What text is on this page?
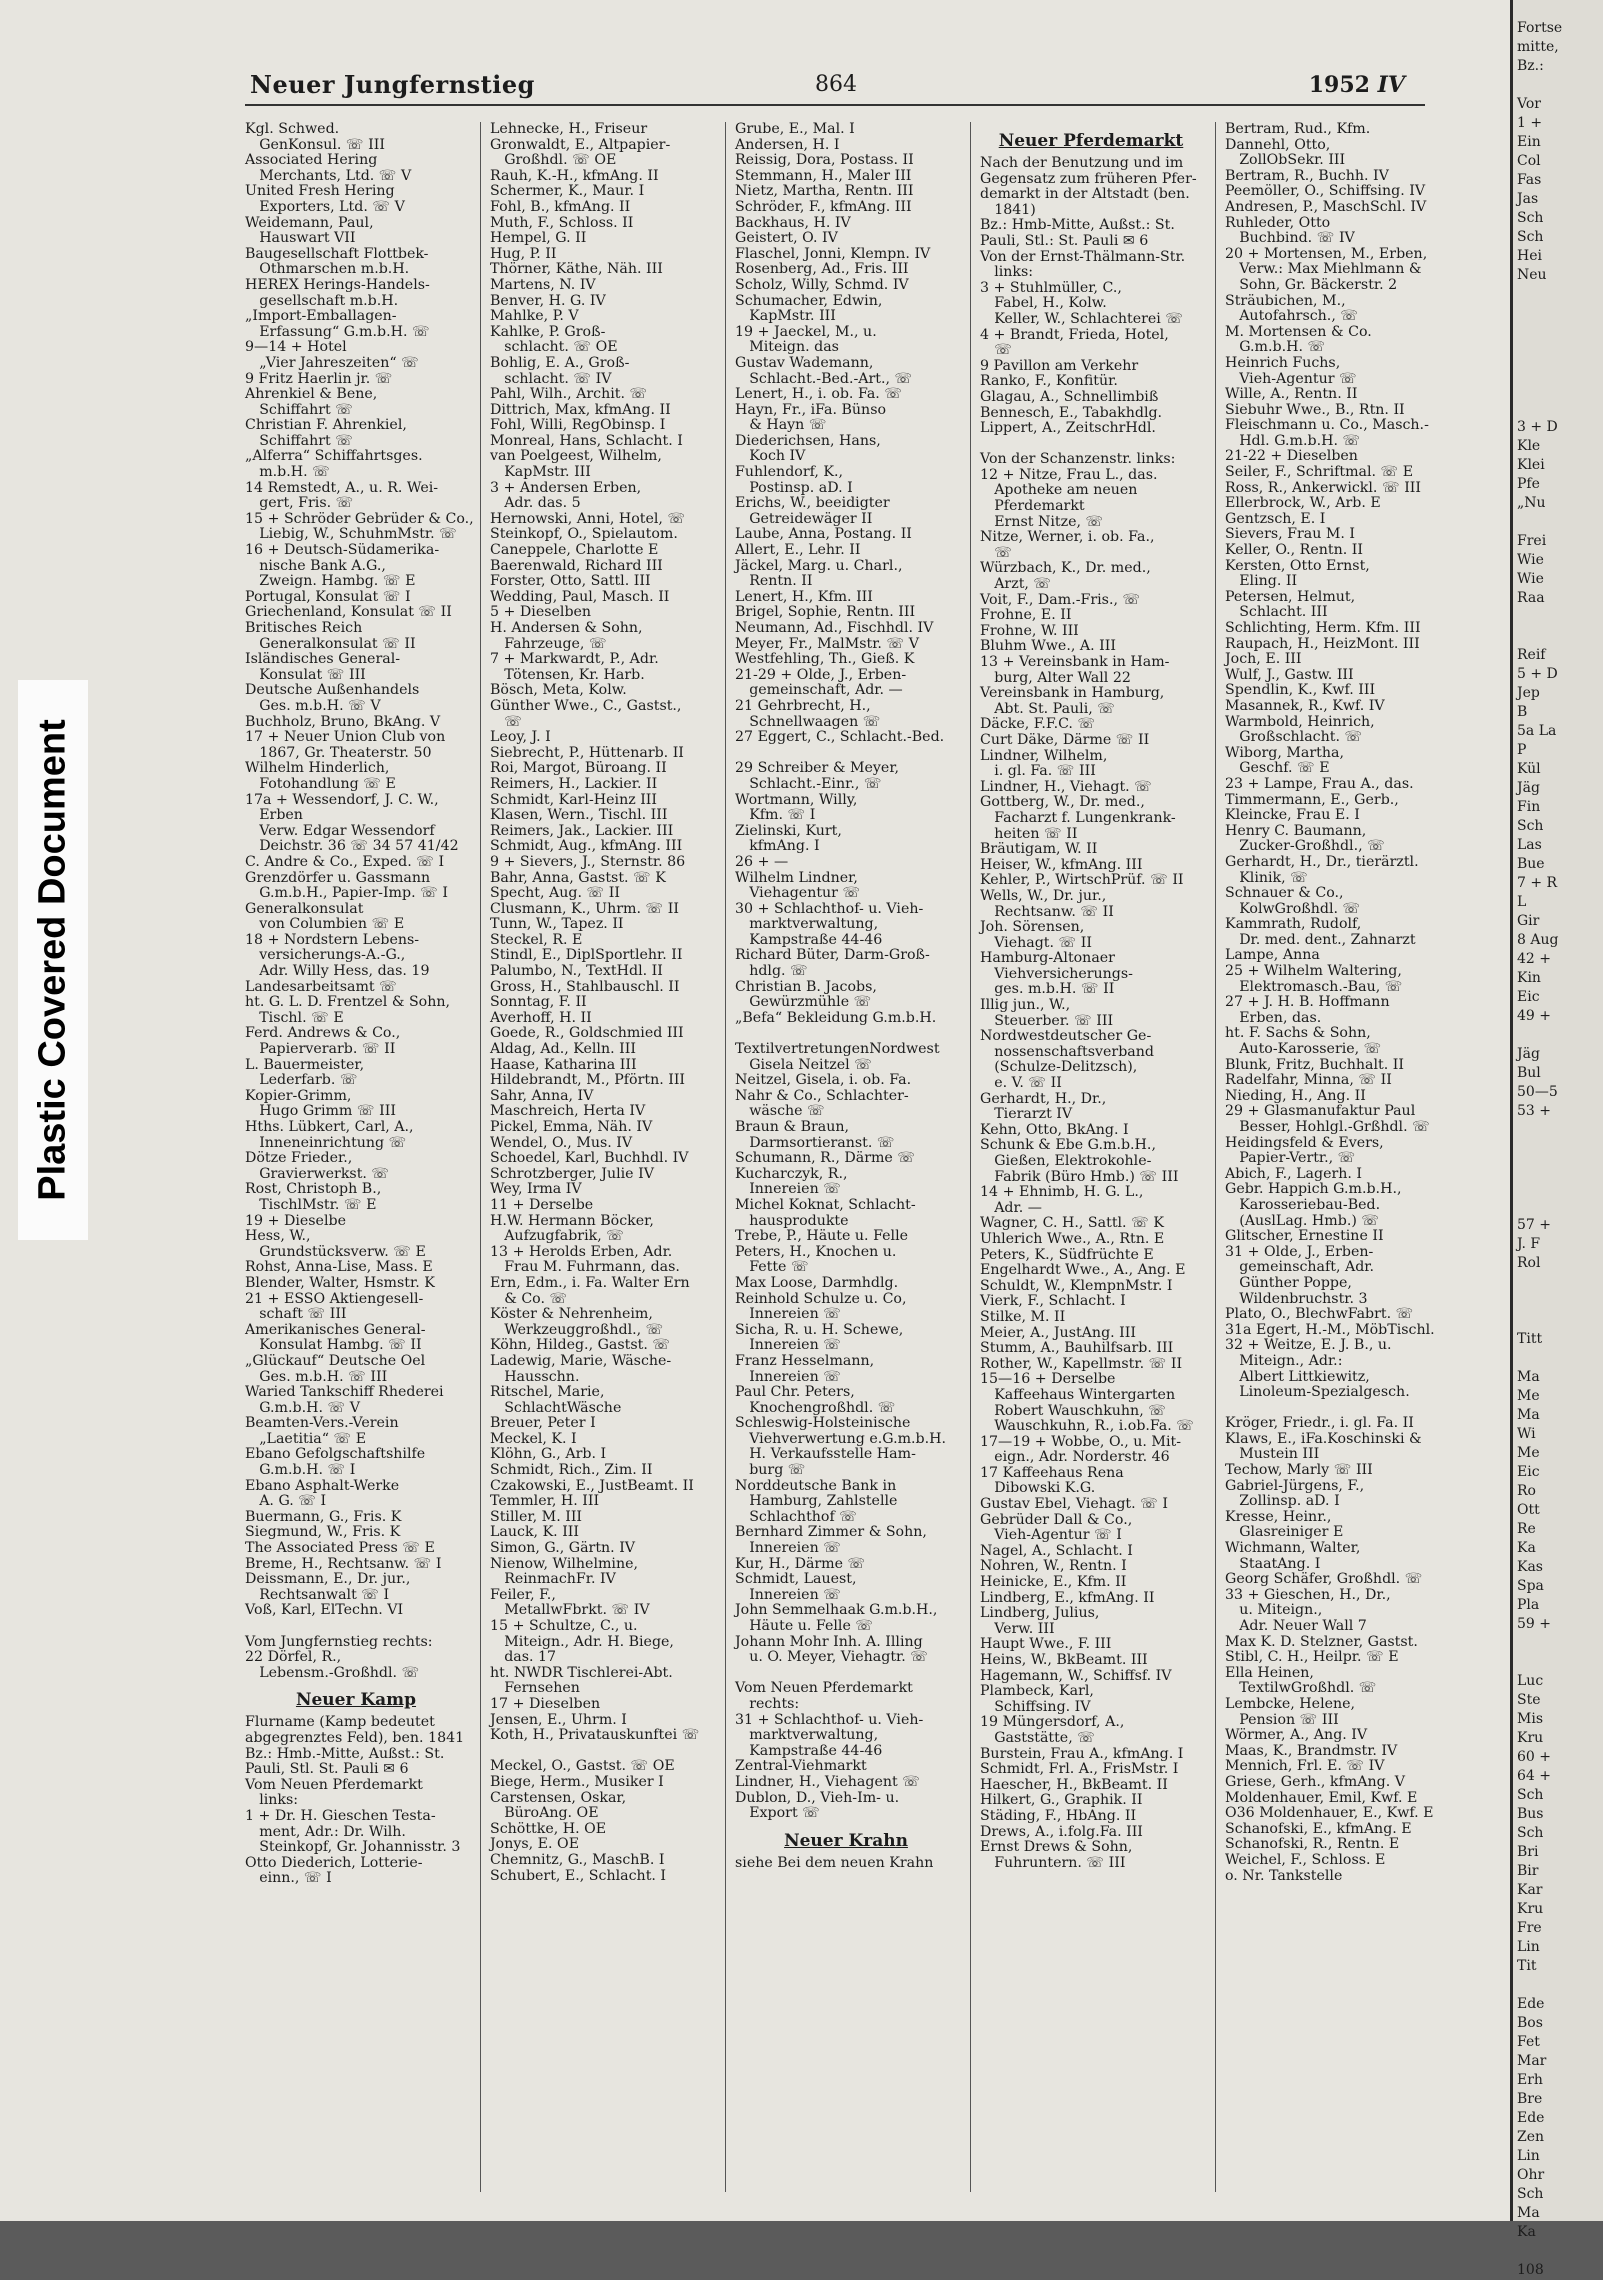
Plastic Covered Document
Neuer Jungfernstieg	864	1952 IV
Kgl. Schwed.
 GenKonsul. ☏ III
Associated Hering
 Merchants, Ltd. ☏ V
United Fresh Hering
 Exporters, Ltd. ☏ V
Weidemann, Paul,
 Hauswart VII
Baugesellschaft Flottbek-
 Othmarschen m.b.H.
HEREX Herings-Handels-
 gesellschaft m.b.H.
„Import-Emballagen-
 Erfassung“ G.m.b.H. ☏
9—14 + Hotel
 „Vier Jahreszeiten“ ☏
9 Fritz Haerlin jr. ☏
Ahrenkiel & Bene,
 Schiffahrt ☏
Christian F. Ahrenkiel,
 Schiffahrt ☏
„Alferra“ Schiffahrtsges.
 m.b.H. ☏
14 Remstedt, A., u. R. Wei-
 gert, Fris. ☏
15 + Schröder Gebrüder & Co.,
 Liebig, W., SchuhmMstr. ☏
16 + Deutsch-Südamerika-
 nische Bank A.G.,
 Zweign. Hambg. ☏ E
Portugal, Konsulat ☏ I
Griechenland, Konsulat ☏ II
Britisches Reich
 Generalkonsulat ☏ II
Isländisches General-
 Konsulat ☏ III
Deutsche Außenhandels
 Ges. m.b.H. ☏ V
Buchholz, Bruno, BkAng. V
17 + Neuer Union Club von
 1867, Gr. Theaterstr. 50
Wilhelm Hinderlich,
 Fotohandlung ☏ E
17a + Wessendorf, J. C. W.,
 Erben
 Verw. Edgar Wessendorf
 Deichstr. 36 ☏ 34 57 41/42
C. Andre & Co., Exped. ☏ I
Grenzdörfer u. Gassmann
 G.m.b.H., Papier-Imp. ☏ I
Generalkonsulat
 von Columbien ☏ E
18 + Nordstern Lebens-
 versicherungs-A.-G.,
 Adr. Willy Hess, das. 19
Landesarbeitsamt ☏
ht. G. L. D. Frentzel & Sohn,
 Tischl. ☏ E
Ferd. Andrews & Co.,
 Papierverarb. ☏ II
L. Bauermeister,
 Lederfarb. ☏
Kopier-Grimm,
 Hugo Grimm ☏ III
Hths. Lübkert, Carl, A.,
 Inneneinrichtung ☏
Dötze Frieder.,
 Gravierwerkst. ☏
Rost, Christoph B.,
 TischlMstr. ☏ E
19 + Dieselbe
Hess, W.,
 Grundstücksverw. ☏ E
Rohst, Anna-Lise, Mass. E
Blender, Walter, Hsmstr. K
21 + ESSO Aktiengesell-
 schaft ☏ III
Amerikanisches General-
 Konsulat Hambg. ☏ II
„Glückauf“ Deutsche Oel
 Ges. m.b.H. ☏ III
Waried Tankschiff Rhederei
 G.m.b.H. ☏ V
Beamten-Vers.-Verein
 „Laetitia“ ☏ E
Ebano Gefolgschaftshilfe
 G.m.b.H. ☏ I
Ebano Asphalt-Werke
 A. G. ☏ I
Buermann, G., Fris. K
Siegmund, W., Fris. K
The Associated Press ☏ E
Breme, H., Rechtsanw. ☏ I
Deissmann, E., Dr. jur.,
 Rechtsanwalt ☏ I
Voß, Karl, ElTechn. VI
Vom Jungfernstieg rechts:
22 Dörfel, R.,
 Lebensm.-Großhdl. ☏
Neuer Kamp
Flurname (Kamp bedeutet
abgegrenztes Feld), ben. 1841
Bz.: Hmb.-Mitte, Außst.: St.
Pauli, Stl. St. Pauli ✉ 6
Vom Neuen Pferdemarkt
 links:
1 + Dr. H. Gieschen Testa-
 ment, Adr.: Dr. Wilh.
 Steinkopf, Gr. Johannisstr. 3
Otto Diederich, Lotterie-
 einn., ☏ I
Lehnecke, H., Friseur
Gronwaldt, E., Altpapier-
 Großhdl. ☏ OE
Rauh, K.-H., kfmAng. II
Schermer, K., Maur. I
Fohl, B., kfmAng. II
Muth, F., Schloss. II
Hempel, G. II
Hug, P. II
Thörner, Käthe, Näh. III
Martens, N. IV
Benver, H. G. IV
Mahlke, P. V
Kahlke, P. Groß-
 schlacht. ☏ OE
Bohlig, E. A., Groß-
 schlacht. ☏ IV
Pahl, Wilh., Archit. ☏
Dittrich, Max, kfmAng. II
Fohl, Willi, RegObinsp. I
Monreal, Hans, Schlacht. I
van Poelgeest, Wilhelm,
 KapMstr. III
3 + Andersen Erben,
 Adr. das. 5
Hernowski, Anni, Hotel, ☏
Steinkopf, O., Spielautom.
Caneppele, Charlotte E
Baerenwald, Richard III
Forster, Otto, Sattl. III
Wedding, Paul, Masch. II
5 + Dieselben
H. Andersen & Sohn,
 Fahrzeuge, ☏
7 + Markwardt, P., Adr.
 Tötensen, Kr. Harb.
Bösch, Meta, Kolw.
Günther Wwe., C., Gastst.,
 ☏
Leoy, J. I
Siebrecht, P., Hüttenarb. II
Roi, Margot, Büroang. II
Reimers, H., Lackier. II
Schmidt, Karl-Heinz III
Klasen, Wern., Tischl. III
Reimers, Jak., Lackier. III
Schmidt, Aug., kfmAng. III
9 + Sievers, J., Sternstr. 86
Bahr, Anna, Gastst. ☏ K
Specht, Aug. ☏ II
Clusmann, K., Uhrm. ☏ II
Tunn, W., Tapez. II
Steckel, R. E
Stindl, E., DiplSportlehr. II
Palumbo, N., TextHdl. II
Gross, H., Stahlbauschl. II
Sonntag, F. II
Averhoff, H. II
Goede, R., Goldschmied III
Aldag, Ad., Kelln. III
Haase, Katharina III
Hildebrandt, M., Pförtn. III
Sahr, Anna, IV
Maschreich, Herta IV
Pickel, Emma, Näh. IV
Wendel, O., Mus. IV
Schoedel, Karl, Buchhdl. IV
Schrotzberger, Julie IV
Wey, Irma IV
11 + Derselbe
H.W. Hermann Böcker,
 Aufzugfabrik, ☏
13 + Herolds Erben, Adr.
 Frau M. Fuhrmann, das.
Ern, Edm., i. Fa. Walter Ern
 & Co. ☏
Köster & Nehrenheim,
 Werkzeuggroßhdl., ☏
Köhn, Hildeg., Gastst. ☏
Ladewig, Marie, Wäsche-
 Hausschn.
Ritschel, Marie,
 SchlachtWäsche
Breuer, Peter I
Meckel, K. I
Klöhn, G., Arb. I
Schmidt, Rich., Zim. II
Czakowski, E., JustBeamt. II
Temmler, H. III
Stiller, M. III
Lauck, K. III
Simon, G., Gärtn. IV
Nienow, Wilhelmine,
 ReinmachFr. IV
Feiler, F.,
 MetallwFbrkt. ☏ IV
15 + Schultze, C., u.
 Miteign., Adr. H. Biege,
 das. 17
ht. NWDR Tischlerei-Abt.
 Fernsehen
17 + Dieselben
Jensen, E., Uhrm. I
Koth, H., Privatauskunftei ☏
Meckel, O., Gastst. ☏ OE
Biege, Herm., Musiker I
Carstensen, Oskar,
 BüroAng. OE
Schöttke, H. OE
Jonys, E. OE
Chemnitz, G., MaschB. I
Schubert, E., Schlacht. I
Grube, E., Mal. I
Andersen, H. I
Reissig, Dora, Postass. II
Stemmann, H., Maler III
Nietz, Martha, Rentn. III
Schröder, F., kfmAng. III
Backhaus, H. IV
Geistert, O. IV
Flaschel, Jonni, Klempn. IV
Rosenberg, Ad., Fris. III
Scholz, Willy, Schmd. IV
Schumacher, Edwin,
 KapMstr. III
19 + Jaeckel, M., u.
 Miteign. das
Gustav Wademann,
 Schlacht.-Bed.-Art., ☏
Lenert, H., i. ob. Fa. ☏
Hayn, Fr., iFa. Bünso
 & Hayn ☏
Diederichsen, Hans,
 Koch IV
Fuhlendorf, K.,
 Postinsp. aD. I
Erichs, W., beeidigter
 Getreidewäger II
Laube, Anna, Postang. II
Allert, E., Lehr. II
Jäckel, Marg. u. Charl.,
 Rentn. II
Lenert, H., Kfm. III
Brigel, Sophie, Rentn. III
Neumann, Ad., Fischhdl. IV
Meyer, Fr., MalMstr. ☏ V
Westfehling, Th., Gieß. K
21-29 + Olde, J., Erben-
 gemeinschaft, Adr. —
21 Gehrbrecht, H.,
 Schnellwaagen ☏
27 Eggert, C., Schlacht.-Bed.
29 Schreiber & Meyer,
 Schlacht.-Einr., ☏
Wortmann, Willy,
 Kfm. ☏ I
Zielinski, Kurt,
 kfmAng. I
26 + —
Wilhelm Lindner,
 Viehagentur ☏
30 + Schlachthof- u. Vieh-
 marktverwaltung,
 Kampstraße 44-46
Richard Büter, Darm-Groß-
 hdlg. ☏
Christian B. Jacobs,
 Gewürzmühle ☏
„Befa“ Bekleidung G.m.b.H.
TextilvertretungenNordwest
 Gisela Neitzel ☏
Neitzel, Gisela, i. ob. Fa.
Nahr & Co., Schlachter-
 wäsche ☏
Braun & Braun,
 Darmsortieranst. ☏
Schumann, R., Därme ☏
Kucharczyk, R.,
 Innereien ☏
Michel Koknat, Schlacht-
 hausprodukte
Trebe, P., Häute u. Felle
Peters, H., Knochen u.
 Fette ☏
Max Loose, Darmhdlg.
Reinhold Schulze u. Co,
 Innereien ☏
Sicha, R. u. H. Schewe,
 Innereien ☏
Franz Hesselmann,
 Innereien ☏
Paul Chr. Peters,
 Knochengroßhdl. ☏
Schleswig-Holsteinische
 Viehverwertung e.G.m.b.H.
 H. Verkaufsstelle Ham-
 burg ☏
Norddeutsche Bank in
 Hamburg, Zahlstelle
 Schlachthof ☏
Bernhard Zimmer & Sohn,
 Innereien ☏
Kur, H., Därme ☏
Schmidt, Lauest,
 Innereien ☏
John Semmelhaak G.m.b.H.,
 Häute u. Felle ☏
Johann Mohr Inh. A. Illing
 u. O. Meyer, Viehagtr. ☏
Vom Neuen Pferdemarkt
 rechts:
31 + Schlachthof- u. Vieh-
 marktverwaltung,
 Kampstraße 44-46
Zentral-Viehmarkt
Lindner, H., Viehagent ☏
Dublon, D., Vieh-Im- u.
 Export ☏
Neuer Krahn
siehe Bei dem neuen Krahn
Neuer Pferdemarkt
Nach der Benutzung und im
Gegensatz zum früheren Pfer-
demarkt in der Altstadt (ben.
 1841)
Bz.: Hmb-Mitte, Außst.: St.
Pauli, Stl.: St. Pauli ✉ 6
Von der Ernst-Thälmann-Str.
 links:
3 + Stuhlmüller, C.,
 Fabel, H., Kolw.
 Keller, W., Schlachterei ☏
4 + Brandt, Frieda, Hotel,
 ☏
9 Pavillon am Verkehr
Ranko, F., Konfitür.
Glagau, A., Schnellimbiß
Bennesch, E., Tabakhdlg.
Lippert, A., ZeitschrHdl.
Von der Schanzenstr. links:
12 + Nitze, Frau L., das.
 Apotheke am neuen
 Pferdemarkt
 Ernst Nitze, ☏
Nitze, Werner, i. ob. Fa.,
 ☏
Würzbach, K., Dr. med.,
 Arzt, ☏
Voit, F., Dam.-Fris., ☏
Frohne, E. II
Frohne, W. III
Bluhm Wwe., A. III
13 + Vereinsbank in Ham-
 burg, Alter Wall 22
Vereinsbank in Hamburg,
 Abt. St. Pauli, ☏
Däcke, F.F.C. ☏
Curt Däke, Därme ☏ II
Lindner, Wilhelm,
 i. gl. Fa. ☏ III
Lindner, H., Viehagt. ☏
Gottberg, W., Dr. med.,
 Facharzt f. Lungenkrank-
 heiten ☏ II
Bräutigam, W. II
Heiser, W., kfmAng. III
Kehler, P., WirtschPrüf. ☏ II
Wells, W., Dr. jur.,
 Rechtsanw. ☏ II
Joh. Sörensen,
 Viehagt. ☏ II
Hamburg-Altonaer
 Viehversicherungs-
 ges. m.b.H. ☏ II
Illig jun., W.,
 Steuerber. ☏ III
Nordwestdeutscher Ge-
 nossenschaftsverband
 (Schulze-Delitzsch),
 e. V. ☏ II
Gerhardt, H., Dr.,
 Tierarzt IV
Kehn, Otto, BkAng. I
Schunk & Ebe G.m.b.H.,
 Gießen, Elektrokohle-
 Fabrik (Büro Hmb.) ☏ III
14 + Ehnimb, H. G. L.,
 Adr. —
Wagner, C. H., Sattl. ☏ K
Uhlerich Wwe., A., Rtn. E
Peters, K., Südfrüchte E
Engelhardt Wwe., A., Ang. E
Schuldt, W., KlempnMstr. I
Vierk, F., Schlacht. I
Stilke, M. II
Meier, A., JustAng. III
Stumm, A., Bauhilfsarb. III
Rother, W., Kapellmstr. ☏ II
15—16 + Derselbe
 Kaffeehaus Wintergarten
 Robert Wauschkuhn, ☏
 Wauschkuhn, R., i.ob.Fa. ☏
17—19 + Wobbe, O., u. Mit-
 eign., Adr. Norderstr. 46
17 Kaffeehaus Rena
 Dibowski K.G.
Gustav Ebel, Viehagt. ☏ I
Gebrüder Dall & Co.,
 Vieh-Agentur ☏ I
Nagel, A., Schlacht. I
Nohren, W., Rentn. I
Heinicke, E., Kfm. II
Lindberg, E., kfmAng. II
Lindberg, Julius,
 Verw. III
Haupt Wwe., F. III
Heins, W., BkBeamt. III
Hagemann, W., Schiffsf. IV
Plambeck, Karl,
 Schiffsing. IV
19 Müngersdorf, A.,
 Gaststätte, ☏
Burstein, Frau A., kfmAng. I
Schmidt, Frl. A., FrisMstr. I
Haescher, H., BkBeamt. II
Hilkert, G., Graphik. II
Städing, F., HbAng. II
Drews, A., i.folg.Fa. III
Ernst Drews & Sohn,
 Fuhruntern. ☏ III
Bertram, Rud., Kfm.
Dannehl, Otto,
 ZollObSekr. III
Bertram, R., Buchh. IV
Peemöller, O., Schiffsing. IV
Andresen, P., MaschSchl. IV
Ruhleder, Otto
 Buchbind. ☏ IV
20 + Mortensen, M., Erben,
 Verw.: Max Miehlmann &
 Sohn, Gr. Bäckerstr. 2
Sträubichen, M.,
 Autofahrsch., ☏
M. Mortensen & Co.
 G.m.b.H. ☏
Heinrich Fuchs,
 Vieh-Agentur ☏
Wille, A., Rentn. II
Siebuhr Wwe., B., Rtn. II
Fleischmann u. Co., Masch.-
 Hdl. G.m.b.H. ☏
21-22 + Dieselben
Seiler, F., Schriftmal. ☏ E
Ross, R., Ankerwickl. ☏ III
Ellerbrock, W., Arb. E
Gentzsch, E. I
Sievers, Frau M. I
Keller, O., Rentn. II
Kersten, Otto Ernst,
 Eling. II
Petersen, Helmut,
 Schlacht. III
Schlichting, Herm. Kfm. III
Raupach, H., HeizMont. III
Joch, E. III
Wulf, J., Gastw. III
Spendlin, K., Kwf. III
Masannek, R., Kwf. IV
Warmbold, Heinrich,
 Großschlacht. ☏
Wiborg, Martha,
 Geschf. ☏ E
23 + Lampe, Frau A., das.
Timmermann, E., Gerb.,
Kleincke, Frau E. I
Henry C. Baumann,
 Zucker-Großhdl., ☏
Gerhardt, H., Dr., tierärztl.
 Klinik, ☏
Schnauer & Co.,
 KolwGroßhdl. ☏
Kammrath, Rudolf,
 Dr. med. dent., Zahnarzt
Lampe, Anna
25 + Wilhelm Waltering,
 Elektromasch.-Bau, ☏
27 + J. H. B. Hoffmann
 Erben, das.
ht. F. Sachs & Sohn,
 Auto-Karosserie, ☏
Blunk, Fritz, Buchhalt. II
Radelfahr, Minna, ☏ II
Nieding, H., Ang. II
29 + Glasmanufaktur Paul
 Besser, Hohlgl.-Grßhdl. ☏
Heidingsfeld & Evers,
 Papier-Vertr., ☏
Abich, F., Lagerh. I
Gebr. Happich G.m.b.H.,
 Karosseriebau-Bed.
 (AuslLag. Hmb.) ☏
Glitscher, Ernestine II
31 + Olde, J., Erben-
 gemeinschaft, Adr.
 Günther Poppe,
 Wildenbruchstr. 3
Plato, O., BlechwFabrt. ☏
31a Egert, H.-M., MöbTischl.
32 + Weitze, E. J. B., u.
 Miteign., Adr.:
 Albert Littkiewitz,
 Linoleum-Spezialgesch.
Kröger, Friedr., i. gl. Fa. II
Klaws, E., iFa.Koschinski &
 Mustein III
Techow, Marly ☏ III
Gabriel-Jürgens, F.,
 Zollinsp. aD. I
Kresse, Heinr.,
 Glasreiniger E
Wichmann, Walter,
 StaatAng. I
Georg Schäfer, Großhdl. ☏
33 + Gieschen, H., Dr.,
 u. Miteign.,
 Adr. Neuer Wall 7
Max K. D. Stelzner, Gastst.
Stibl, C. H., Heilpr. ☏ E
Ella Heinen,
 TextilwGroßhdl. ☏
Lembcke, Helene,
 Pension ☏ III
Wörmer, A., Ang. IV
Maas, K., Brandmstr. IV
Mennich, Frl. E. ☏ IV
Griese, Gerh., kfmAng. V
Moldenhauer, Emil, Kwf. E
O36 Moldenhauer, E., Kwf. E
Schanofski, E., kfmAng. E
Schanofski, R., Rentn. E
Weichel, F., Schloss. E
o. Nr. Tankstelle

Fortse
mitte,
Bz.:

Vor
1 +
Ein
Col
Fas
Jas
Sch
Sch
Hei
Neu

3 + D
Kle
Klei
Pfe
„Nu

Frei
Wie
Wie
Raa

Reif
5 + D
Jep
B
5a La
P
Kül
Jäg
Fin
Sch
Las
Bue
7 + R
L
Gir
8 Aug
42 +
Kin
Eic
49 +

Jäg
Bul
50—5
53 +

57 +
J. F
Rol

Titt

Ma
Me
Ma
Wi
Me
Eic
Ro
Ott
Re
Ka
Kas
Spa
Pla
59 +

Luc
Ste
Mis
Kru
60 +
64 +
Sch
Bus
Sch
Bri
Bir
Kar
Kru
Fre
Lin
Tit

Ede
Bos
Fet
Mar
Erh
Bre
Ede
Zen
Lin
Ohr
Sch
Ma
Ka

108
